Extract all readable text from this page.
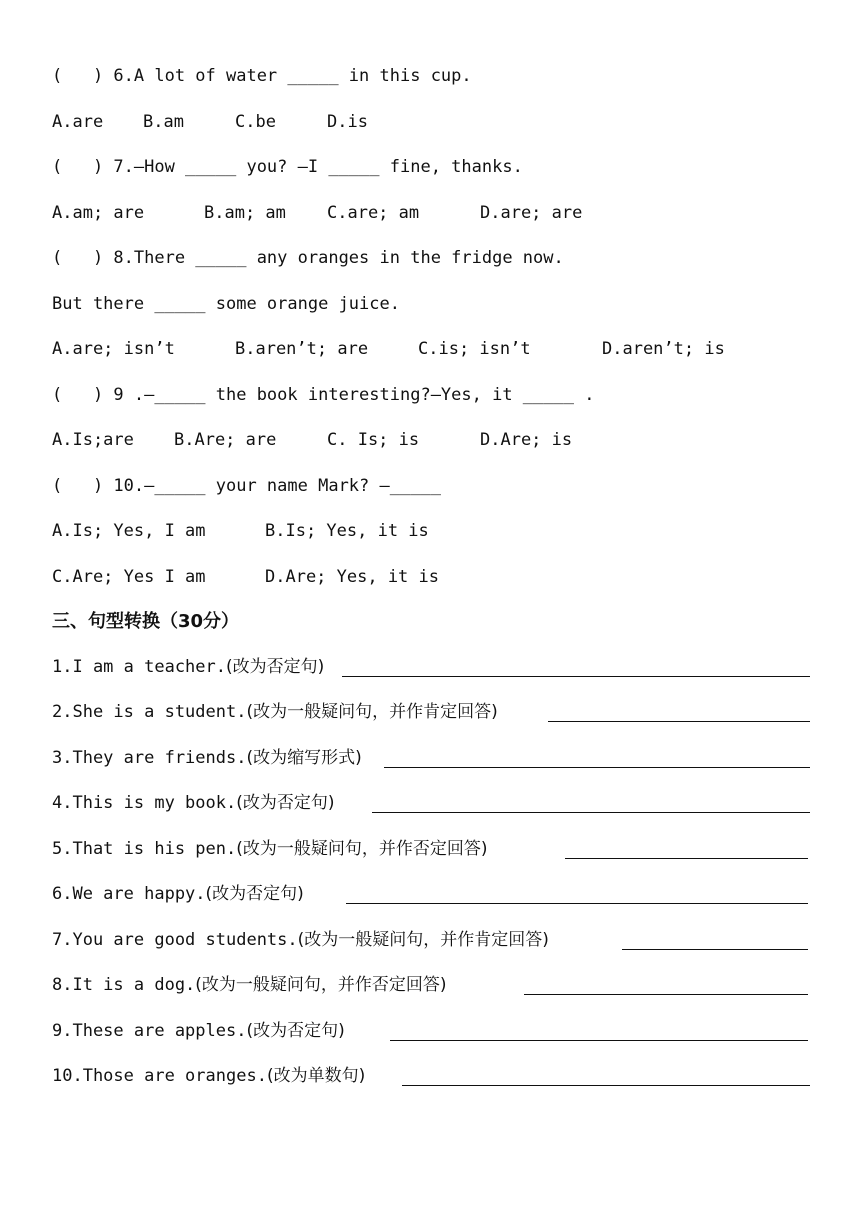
(   ) 6.A lot of water _____ in this cup.
A.are B.am	C.be	D.is
(   ) 7.—How _____ you? —I _____ fine, thanks.
A.am; are	B.am; am C.are; am	D.are; are
(   ) 8.There _____ any oranges in the fridge now.
But there _____ some orange juice.
A.are; isn’t	B.aren’t; are	C.is; isn’t	D.aren’t; is
(   ) 9 .—_____ the book interesting?—Yes, it _____ .
A.Is;are B.Are; are	C. Is; is	D.Are; is
(   ) 10.—_____ your name Mark? —_____
A.Is; Yes, I am	B.Is; Yes, it is
C.Are; Yes I am	D.Are; Yes, it is
三、句型转换（30分）
1.I am a teacher. (改为否定句)
2.She is a student. (改为一般疑问句，并作肯定回答)
3.They are friends. (改为缩写形式)
4.This is my book. (改为否定句)
5.That is his pen. (改为一般疑问句，并作否定回答)
6.We are happy. (改为否定句)
7.You are good students. (改为一般疑问句，并作肯定回答)
8.It is a dog. (改为一般疑问句，并作否定回答)
9.These are apples. (改为否定句)
10.Those are oranges. (改为单数句)
